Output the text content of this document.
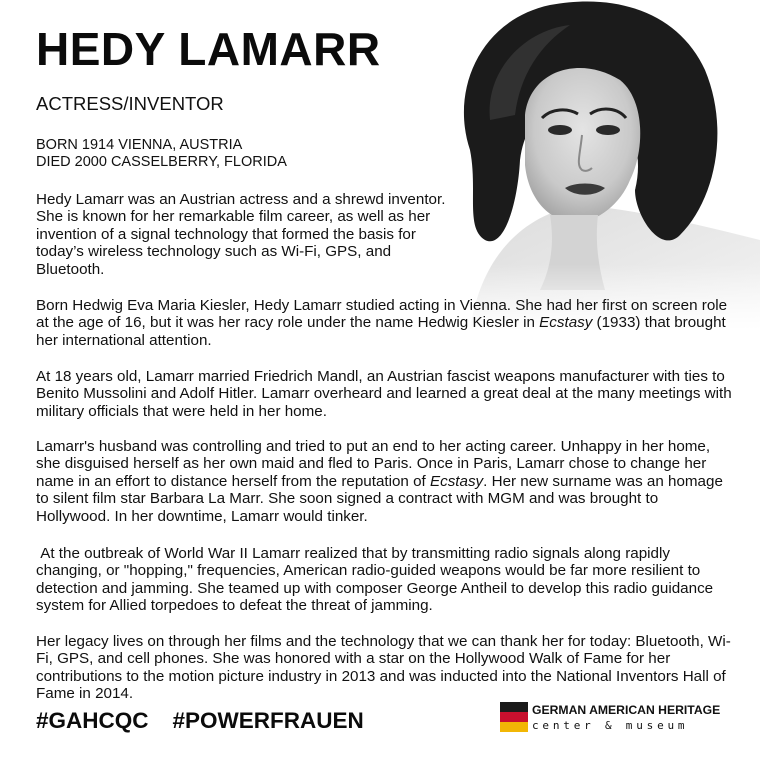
HEDY LAMARR
ACTRESS/INVENTOR
BORN 1914 VIENNA, AUSTRIA
DIED 2000 CASSELBERRY, FLORIDA

Hedy Lamarr was an Austrian actress and a shrewd inventor. She is known for her remarkable film career, as well as her invention of a signal technology that formed the basis for today’s wireless technology such as Wi-Fi, GPS, and Bluetooth.

Born Hedwig Eva Maria Kiesler, Hedy Lamarr studied acting in Vienna. She had her first on screen role at the age of 16, but it was her racy role under the name Hedwig Kiesler in Ecstasy (1933) that brought her international attention.

At 18 years old, Lamarr married Friedrich Mandl, an Austrian fascist weapons manufacturer with ties to Benito Mussolini and Adolf Hitler. Lamarr overheard and learned a great deal at the many meetings with military officials that were held in her home.

Lamarr's husband was controlling and tried to put an end to her acting career. Unhappy in her home, she disguised herself as her own maid and fled to Paris. Once in Paris, Lamarr chose to change her name in an effort to distance herself from the reputation of Ecstasy. Her new surname was an homage to silent film star Barbara La Marr. She soon signed a contract with MGM and was brought to Hollywood. In her downtime, Lamarr would tinker.

At the outbreak of World War II Lamarr realized that by transmitting radio signals along rapidly changing, or "hopping," frequencies, American radio-guided weapons would be far more resilient to detection and jamming. She teamed up with composer George Antheil to develop this radio guidance system for Allied torpedoes to defeat the threat of jamming.

Her legacy lives on through her films and the technology that we can thank her for today: Bluetooth, Wi-Fi, GPS, and cell phones. She was honored with a star on the Hollywood Walk of Fame for her contributions to the motion picture industry in 2013 and was inducted into the National Inventors Hall of Fame in 2014.

#GAHCQC #POWERFRAUEN	GERMAN AMERICAN HERITAGE
center & museum
